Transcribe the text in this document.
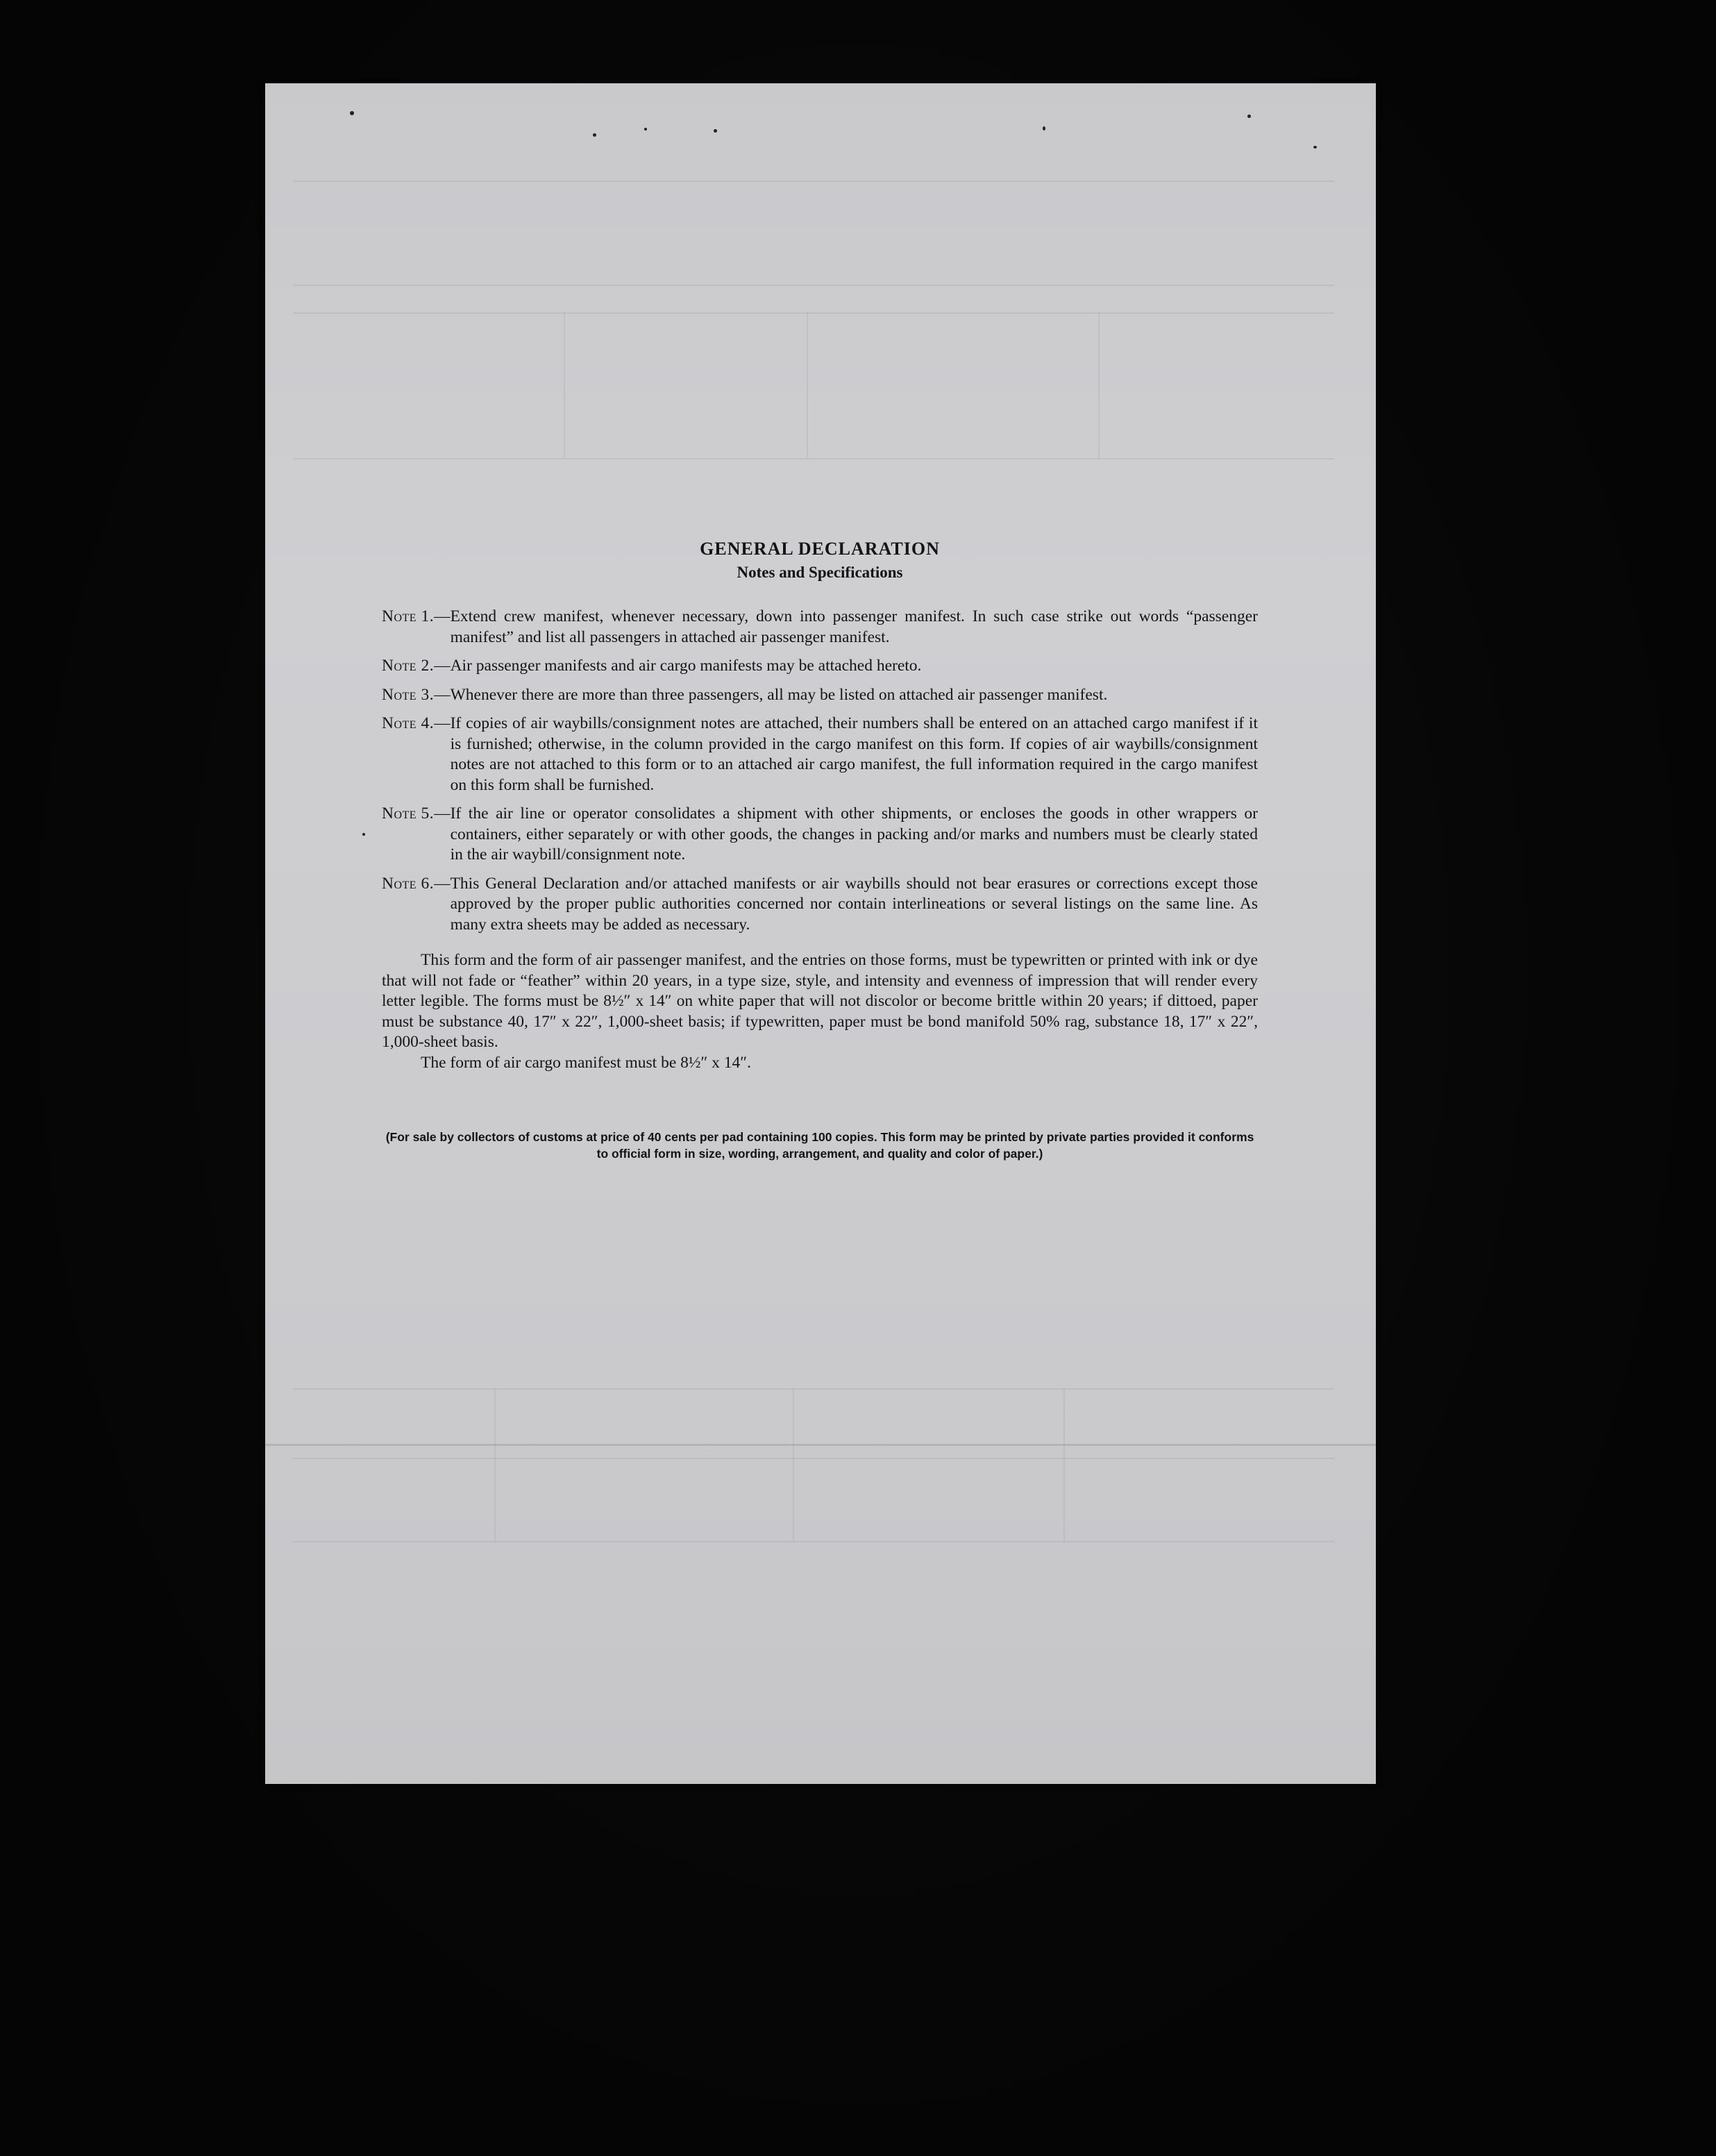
GENERAL DECLARATION
Notes and Specifications
Note 1. — Extend crew manifest, whenever necessary, down into passenger manifest. In such case strike out words “passenger manifest” and list all passengers in attached air passenger manifest.
Note 2. — Air passenger manifests and air cargo manifests may be attached hereto.
Note 3. — Whenever there are more than three passengers, all may be listed on attached air passenger manifest.
Note 4. — If copies of air waybills/consignment notes are attached, their numbers shall be entered on an attached cargo manifest if it is furnished; otherwise, in the column provided in the cargo manifest on this form. If copies of air waybills/consignment notes are not attached to this form or to an attached air cargo manifest, the full information required in the cargo manifest on this form shall be furnished.
Note 5. — If the air line or operator consolidates a shipment with other shipments, or encloses the goods in other wrappers or containers, either separately or with other goods, the changes in packing and/or marks and numbers must be clearly stated in the air waybill/consignment note.
Note 6. — This General Declaration and/or attached manifests or air waybills should not bear erasures or corrections except those approved by the proper public authorities concerned nor contain interlineations or several listings on the same line. As many extra sheets may be added as necessary.
This form and the form of air passenger manifest, and the entries on those forms, must be typewritten or printed with ink or dye that will not fade or “feather” within 20 years, in a type size, style, and intensity and evenness of impression that will render every letter legible. The forms must be 8½″ x 14″ on white paper that will not discolor or become brittle within 20 years; if dittoed, paper must be substance 40, 17″ x 22″, 1,000-sheet basis; if typewritten, paper must be bond manifold 50% rag, substance 18, 17″ x 22″, 1,000-sheet basis.
The form of air cargo manifest must be 8½″ x 14″.
(For sale by collectors of customs at price of 40 cents per pad containing 100 copies. This form may be printed by private parties provided it conforms to official form in size, wording, arrangement, and quality and color of paper.)
